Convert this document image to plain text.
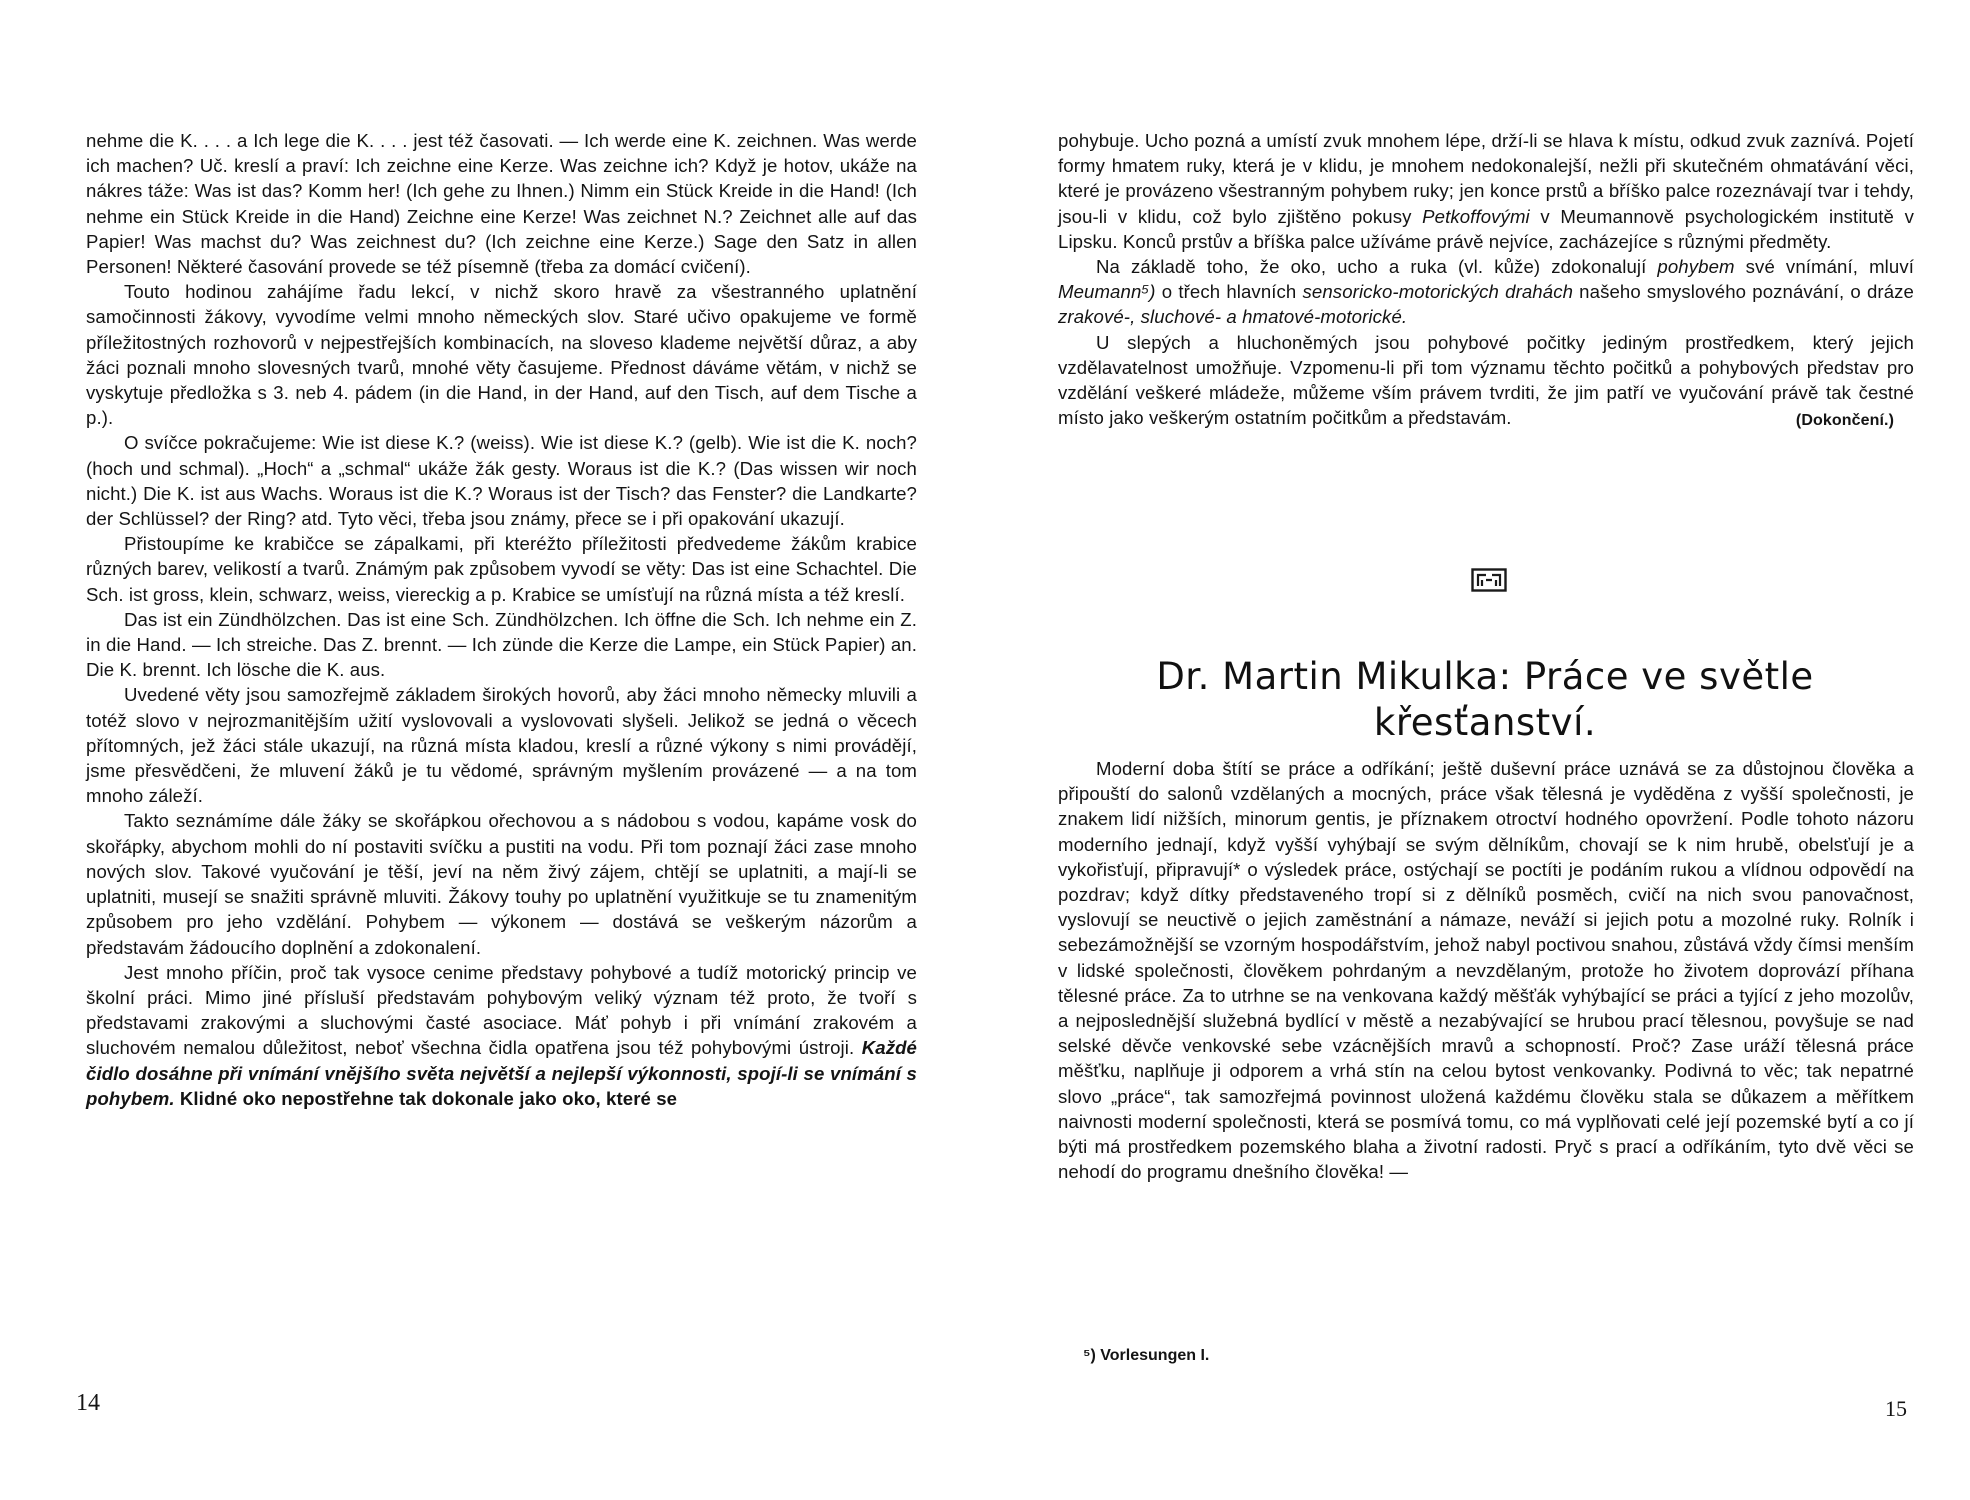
nehme die K. . . . a Ich lege die K. . . . jest též časovati. — Ich werde eine K. zeichnen. Was werde ich machen? Uč. kreslí a praví: Ich zeichne eine Kerze. Was zeichne ich? Když je hotov, ukáže na nákres táže: Was ist das? Komm her! (Ich gehe zu Ihnen.) Nimm ein Stück Kreide in die Hand! (Ich nehme ein Stück Kreide in die Hand) Zeichne eine Kerze! Was zeichnet N.? Zeichnet alle auf das Papier! Was machst du? Was zeichnest du? (Ich zeichne eine Kerze.) Sage den Satz in allen Personen! Některé časování provede se též písemně (třeba za domácí cvičení).

Touto hodinou zahájíme řadu lekcí, v nichž skoro hravě za všestranného uplatnění samočinnosti žákovy, vyvodíme velmi mnoho německých slov. Staré učivo opakujeme ve formě příležitostných rozhovorů v nejpestřejších kombinacích, na sloveso klademe největší důraz, a aby žáci poznali mnoho slovesných tvarů, mnohé věty časujeme. Přednost dáváme větám, v nichž se vyskytuje předložka s 3. neb 4. pádem (in die Hand, in der Hand, auf den Tisch, auf dem Tische a p.).

O svíčce pokračujeme: Wie ist diese K.? (weiss). Wie ist diese K.? (gelb). Wie ist die K. noch? (hoch und schmal). „Hoch“ a „schmal“ ukáže žák gesty. Woraus ist die K.? (Das wissen wir noch nicht.) Die K. ist aus Wachs. Woraus ist die K.? Woraus ist der Tisch? das Fenster? die Landkarte? der Schlüssel? der Ring? atd. Tyto věci, třeba jsou známy, přece se i při opakování ukazují.

Přistoupíme ke krabičce se zápalkami, při kteréžto příležitosti předvedeme žákům krabice různých barev, velikostí a tvarů. Známým pak způsobem vyvodí se věty: Das ist eine Schachtel. Die Sch. ist gross, klein, schwarz, weiss, viereckig a p. Krabice se umísťují na různá místa a též kreslí.

Das ist ein Zündhölzchen. Das ist eine Sch. Zündhölzchen. Ich öffne die Sch. Ich nehme ein Z. in die Hand. — Ich streiche. Das Z. brennt. — Ich zünde die Kerze die Lampe, ein Stück Papier) an. Die K. brennt. Ich lösche die K. aus.

Uvedené věty jsou samozřejmě základem širokých hovorů, aby žáci mnoho německy mluvili a totéž slovo v nejrozmanitějším užití vyslovovali a vyslovovati slyšeli. Jelikož se jedná o věcech přítomných, jež žáci stále ukazují, na různá místa kladou, kreslí a různé výkony s nimi provádějí, jsme přesvědčeni, že mluvení žáků je tu vědomé, správným myšlením provázené — a na tom mnoho záleží.

Takto seznámíme dále žáky se skořápkou ořechovou a s nádobou s vodou, kapáme vosk do skořápky, abychom mohli do ní postaviti svíčku a pustiti na vodu. Při tom poznají žáci zase mnoho nových slov. Takové vyučování je těší, jeví na něm živý zájem, chtějí se uplatniti, a mají-li se uplatniti, musejí se snažiti správně mluviti. Žákovy touhy po uplatnění využitkuje se tu znamenitým způsobem pro jeho vzdělání. Pohybem — výkonem — dostává se veškerým názorům a představám žádoucího doplnění a zdokonalení.

Jest mnoho příčin, proč tak vysoce cenime představy pohybové a tudíž motorický princip ve školní práci. Mimo jiné přísluší představám pohybovým veliký význam též proto, že tvoří s představami zrakovými a sluchovými časté asociace. Máť pohyb i při vnímání zrakovém a sluchovém nemalou důležitost, neboť všechna čidla opatřena jsou též pohybovými ústroji. Každé čidlo dosáhne při vnímání vnějšího světa největší a nejlepší výkonnosti, spojí-li se vnímání s pohybem. Klidné oko nepostřehne tak dokonale jako oko, které se

14

pohybuje. Ucho pozná a umístí zvuk mnohem lépe, drží-li se hlava k místu, odkud zvuk zaznívá. Pojetí formy hmatem ruky, která je v klidu, je mnohem nedokonalejší, nežli při skutečném ohmatávání věci, které je provázeno všestranným pohybem ruky; jen konce prstů a bříško palce rozeznávají tvar i tehdy, jsou-li v klidu, což bylo zjištěno pokusy Petkoffovými v Meumannově psychologickém institutě v Lipsku. Konců prstův a bříška palce užíváme právě nejvíce, zacházejíce s různými předměty.

Na základě toho, že oko, ucho a ruka (vl. kůže) zdokonalují pohybem své vnímání, mluví Meumann⁵) o třech hlavních sensoricko-motorických drahách našeho smyslového poznávání, o dráze zrakové-, sluchové- a hmatové-motorické.

U slepých a hluchoněmých jsou pohybové počitky jediným prostředkem, který jejich vzdělavatelnost umožňuje. Vzpomenu-li při tom významu těchto počitků a pohybových představ pro vzdělání veškeré mládeže, můžeme vším právem tvrditi, že jim patří ve vyučování právě tak čestné místo jako veškerým ostatním počitkům a představám.	(Dokončení.)
Dr. Martin Mikulka: Práce ve světle
křesťanství.

Moderní doba štítí se práce a odříkání; ještě duševní práce uznává se za důstojnou člověka a připouští do salonů vzdělaných a mocných, práce však tělesná je vyděděna z vyšší společnosti, je znakem lidí nižších, minorum gentis, je příznakem otroctví hodného opovržení. Podle tohoto názoru moderního jednají, když vyšší vyhýbají se svým dělníkům, chovají se k nim hrubě, obelsťují je a vykořisťují, připravují* o výsledek práce, ostýchají se poctíti je podáním rukou a vlídnou odpovědí na pozdrav; když dítky představeného tropí si z dělníků posměch, cvičí na nich svou panovačnost, vyslovují se neuctivě o jejich zaměstnání a námaze, neváží si jejich potu a mozolné ruky. Rolník i sebezámožnější se vzorným hospodářstvím, jehož nabyl poctivou snahou, zůstává vždy čímsi menším v lidské společnosti, člověkem pohrdaným a nevzdělaným, protože ho životem doprovází příhana tělesné práce. Za to utrhne se na venkovana každý měšťák vyhýbající se práci a tyjící z jeho mozolův, a nejposlednější služebná bydlící v městě a nezabývající se hrubou prací tělesnou, povyšuje se nad selské děvče venkovské sebe vzácnějších mravů a schopností. Proč? Zase uráží tělesná práce měšťku, naplňuje ji odporem a vrhá stín na celou bytost venkovanky. Podivná to věc; tak nepatrné slovo „práce“, tak samozřejmá povinnost uložená každému člověku stala se důkazem a měřítkem naivnosti moderní společnosti, která se posmívá tomu, co má vyplňovati celé její pozemské bytí a co jí býti má prostředkem pozemského blaha a životní radosti. Pryč s prací a odříkáním, tyto dvě věci se nehodí do programu dnešního člověka! —

⁵) Vorlesungen I.
15
